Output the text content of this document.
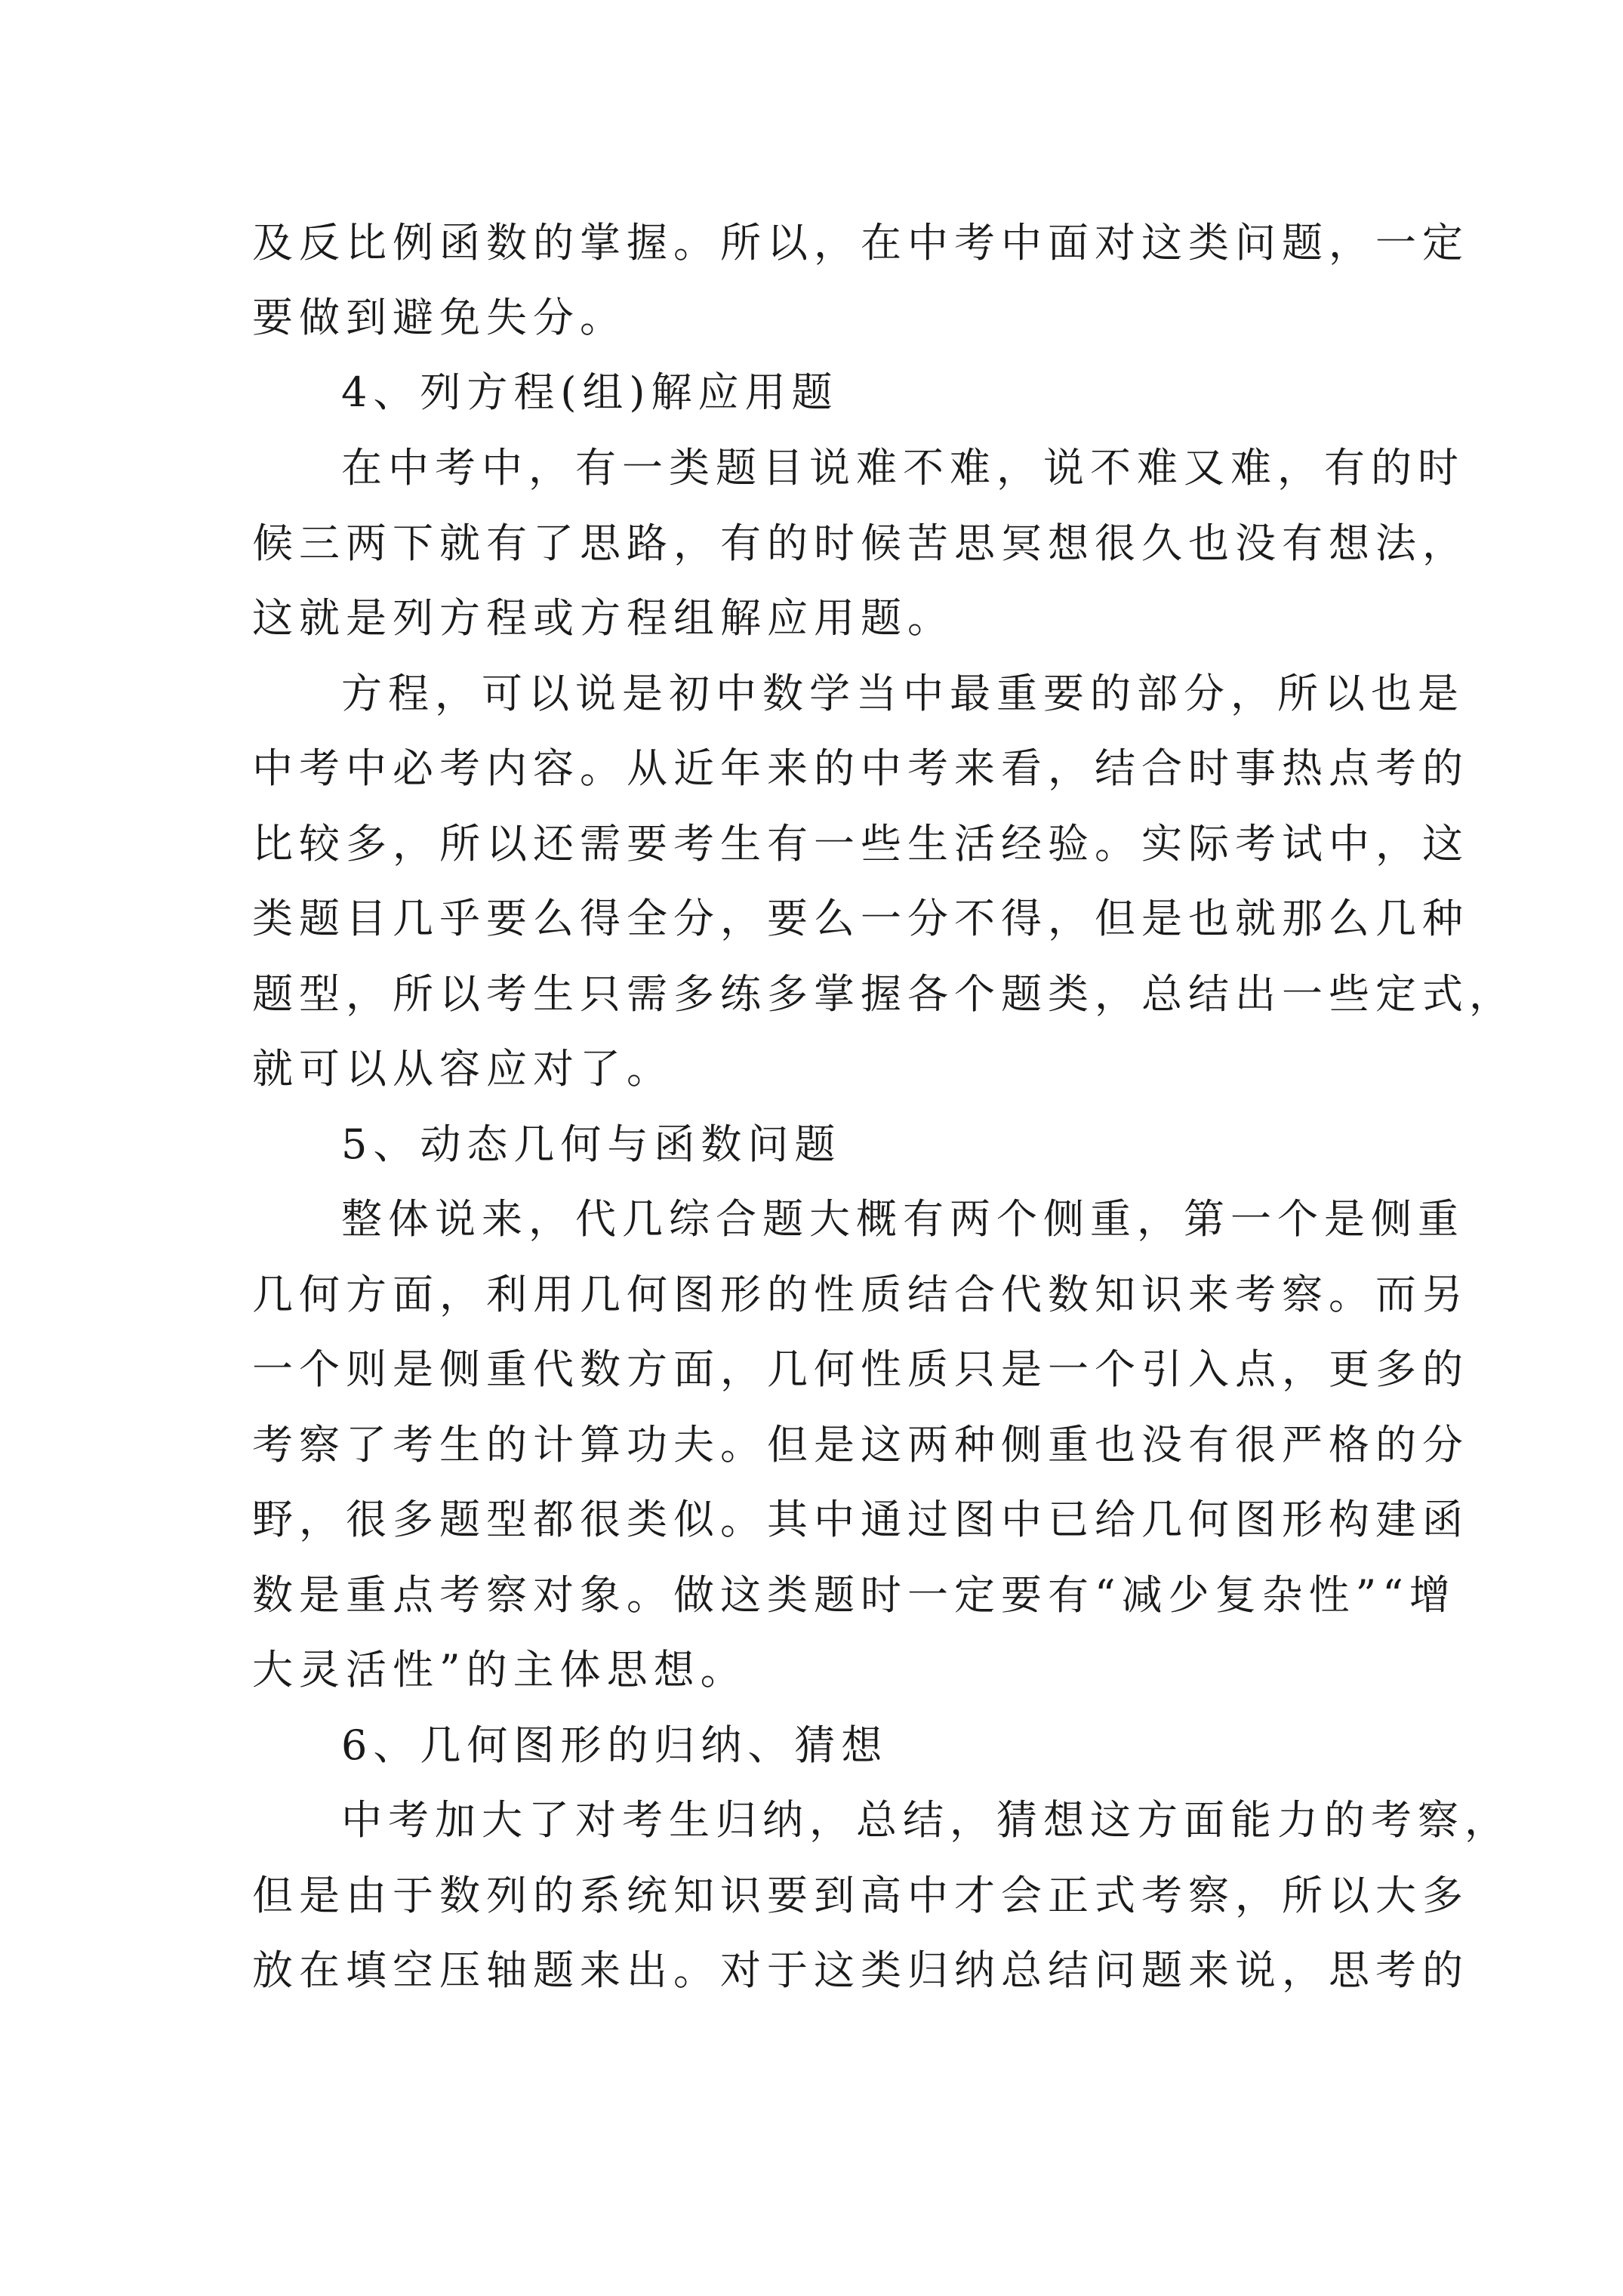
及反比例函数的掌握。所以，在中考中面对这类问题，一定

要做到避免失分。

4、列方程(组)解应用题

在中考中，有一类题目说难不难，说不难又难，有的时

候三两下就有了思路，有的时候苦思冥想很久也没有想法，

这就是列方程或方程组解应用题。

方程，可以说是初中数学当中最重要的部分，所以也是

中考中必考内容。从近年来的中考来看，结合时事热点考的

比较多，所以还需要考生有一些生活经验。实际考试中，这

类题目几乎要么得全分，要么一分不得，但是也就那么几种

题型，所以考生只需多练多掌握各个题类，总结出一些定式，

就可以从容应对了。

5、动态几何与函数问题

整体说来，代几综合题大概有两个侧重，第一个是侧重

几何方面，利用几何图形的性质结合代数知识来考察。而另

一个则是侧重代数方面，几何性质只是一个引入点，更多的

考察了考生的计算功夫。但是这两种侧重也没有很严格的分

野，很多题型都很类似。其中通过图中已给几何图形构建函

数是重点考察对象。做这类题时一定要有“减少复杂性”“增

大灵活性”的主体思想。

6、几何图形的归纳、猜想

中考加大了对考生归纳，总结，猜想这方面能力的考察，

但是由于数列的系统知识要到高中才会正式考察，所以大多

放在填空压轴题来出。对于这类归纳总结问题来说，思考的
